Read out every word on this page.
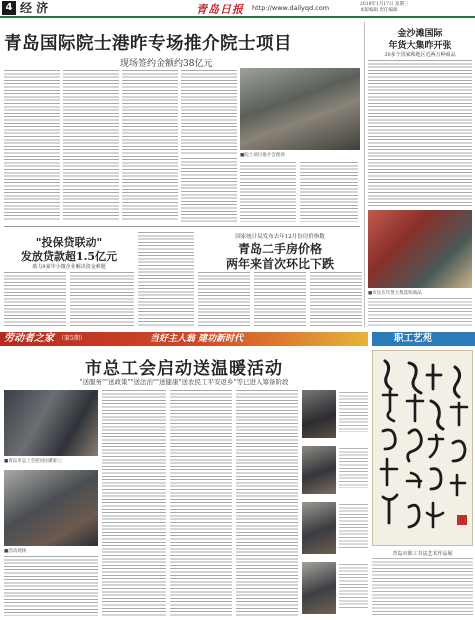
4 经 济	青岛日报 http://www.dailyqd.com	2018年1月17日 星期三
本版编辑 责任编辑
青岛国际院士港昨专场推介院士项目
现场签约金额约38亿元
■院士项目推介会现场
金沙滩国际
年货大集昨开张
30多个国家和地区近两万种商品
■市民在年货大集选购商品
"投保贷联动"
发放贷款超1.5亿元
助力8家中小微企业解决资金难题
国家统计局发布去年12月份房价指数
青岛二手房价格
两年来首次环比下跌
劳动者之家 （第5期）	当好主人翁 建功新时代	职工艺苑
市总工会启动送温暖活动
"送服务""送政策""送法治""送健康"送农民工平安返乡"等已进入筹备阶段
■青岛市总工会慰问困难职工
■活动现场	青岛市职工书法艺术作品展
